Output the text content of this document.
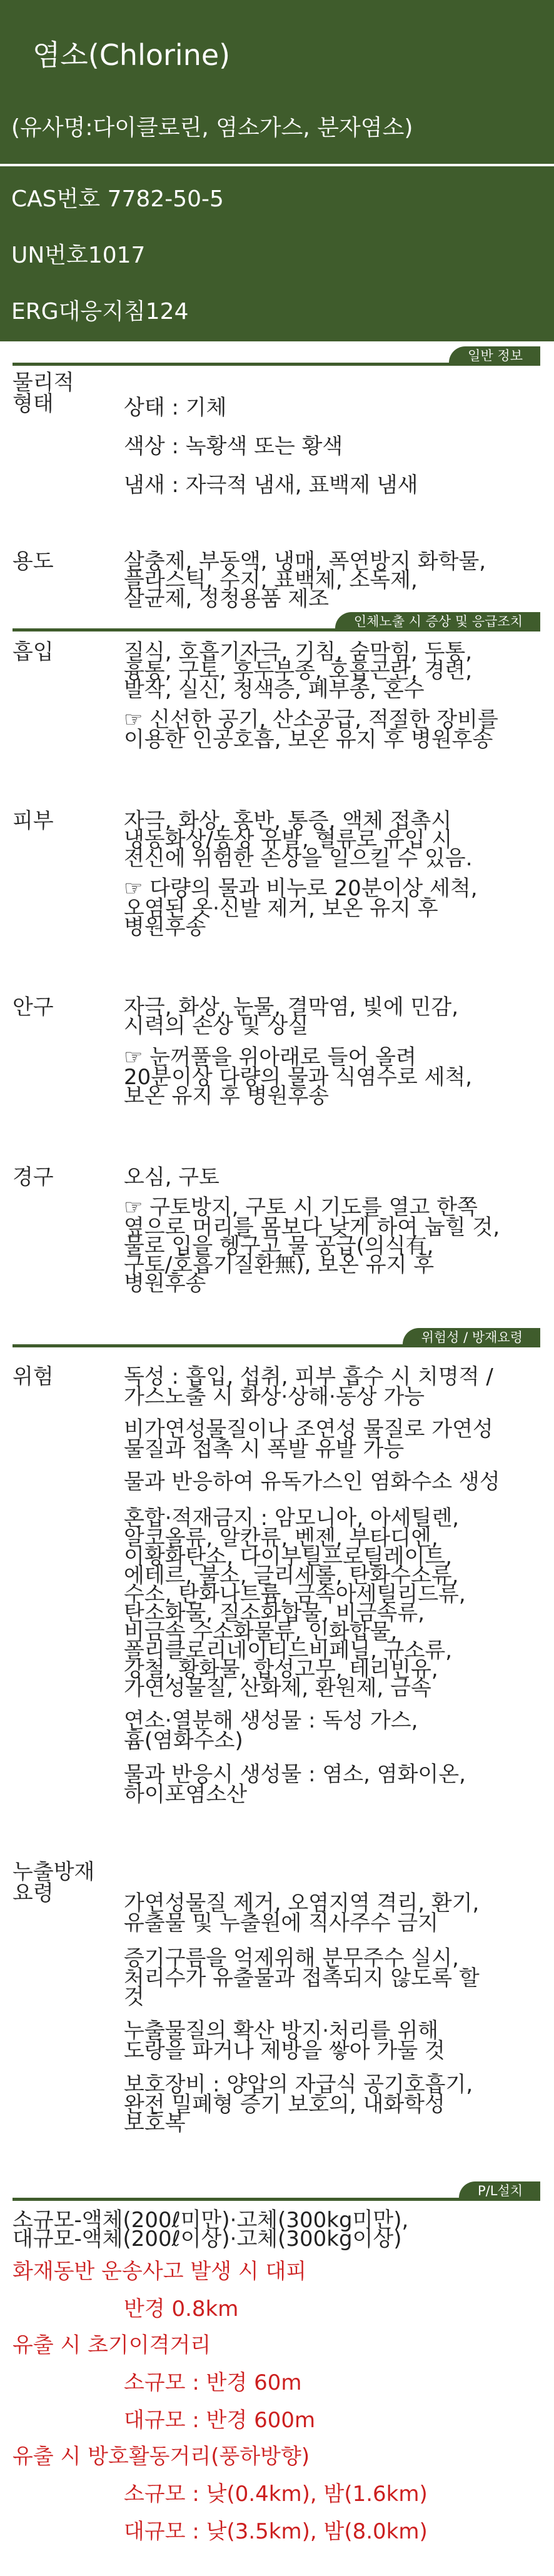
염소(Chlorine)
(유사명:다이클로린, 염소가스, 분자염소)
CAS번호 7782-50-5
UN번호1017
ERG대응지침124
일반 정보
물리적
형태	상태 : 기체
색상 : 녹황색 또는 황색
냄새 : 자극적 냄새, 표백제 냄새
용도	살충제, 부동액, 냉매, 폭연방지 화학물,
플라스틱, 수지, 표백제, 소독제,
살균제, 정청용품 제조
인체노출 시 증상 및 응급조치
흡입	질식, 호흡기자극, 기침, 숨막힘, 두통,
흉통, 구토, 후두부종, 호흡곤란, 경련,
발작, 실신, 청색증, 폐부종, 혼수
☞ 신선한 공기, 산소공급, 적절한 장비를
이용한 인공호흡, 보온 유지 후 병원후송
피부	자극, 화상, 홍반, 통증, 액체 접촉시
냉동화상/동상 유발, 혈류로 유입 시
전신에 위험한 손상을 일으킬 수 있음.
☞ 다량의 물과 비누로 20분이상 세척,
오염된 옷·신발 제거, 보온 유지 후
병원후송
안구	자극, 화상, 눈물, 결막염, 빛에 민감,
시력의 손상 및 상실
☞ 눈꺼풀을 위아래로 들어 올려
20분이상 다량의 물과 식염수로 세척,
보온 유지 후 병원후송
경구	오심, 구토
☞ 구토방지, 구토 시 기도를 열고 한쪽
옆으로 머리를 몸보다 낮게 하여 눕힐 것,
물로 입을 헹구고 물 공급(의식有,
구토/호흡기질환無), 보온 유지 후
병원후송
위험성 / 방재요령
위험	독성 : 흡입, 섭취, 피부 흡수 시 치명적 /
가스노출 시 화상·상해·동상 가능
비가연성물질이나 조연성 물질로 가연성
물질과 접촉 시 폭발 유발 가능
물과 반응하여 유독가스인 염화수소 생성
혼합·적재금지 : 암모니아, 아세틸렌,
알코올류, 알칸류, 벤젠, 부타디엔,
이황화탄소, 다이부틸프로틸레이트,
에테르, 불소, 글리세롤, 탄화수소류,
수소, 탄화나트륨, 금속아세틸리드류,
탄소화물, 질소화합물, 비금속류,
비금속 수소화물류, 인화합물,
폴리클로리네이티드비페닐, 규소류,
강철, 황화물, 합성고무, 테리빈유,
가연성물질, 산화제, 환원제, 금속
연소·열분해 생성물 : 독성 가스,
흄(염화수소)
물과 반응시 생성물 : 염소, 염화이온,
하이포염소산
누출방재
요령	가연성물질 제거, 오염지역 격리, 환기,
유출물 및 누출원에 직사주수 금지
증기구름을 억제위해 분무주수 실시,
처리수가 유출물과 접촉되지 않도록 할
것
누출물질의 확산 방지·처리를 위해
도랑을 파거나 제방을 쌓아 가둘 것
보호장비 : 양압의 자급식 공기호흡기,
완전 밀폐형 증기 보호의, 내화학성
보호복
P/L설치
소규모-액체(200ℓ미만)·고체(300kg미만),
대규모-액체(200ℓ이상)·고체(300kg이상)
화재동반 운송사고 발생 시 대피
반경 0.8km
유출 시 초기이격거리
소규모 : 반경 60m
대규모 : 반경 600m
유출 시 방호활동거리(풍하방향)
소규모 : 낮(0.4km), 밤(1.6km)
대규모 : 낮(3.5km), 밤(8.0km)
